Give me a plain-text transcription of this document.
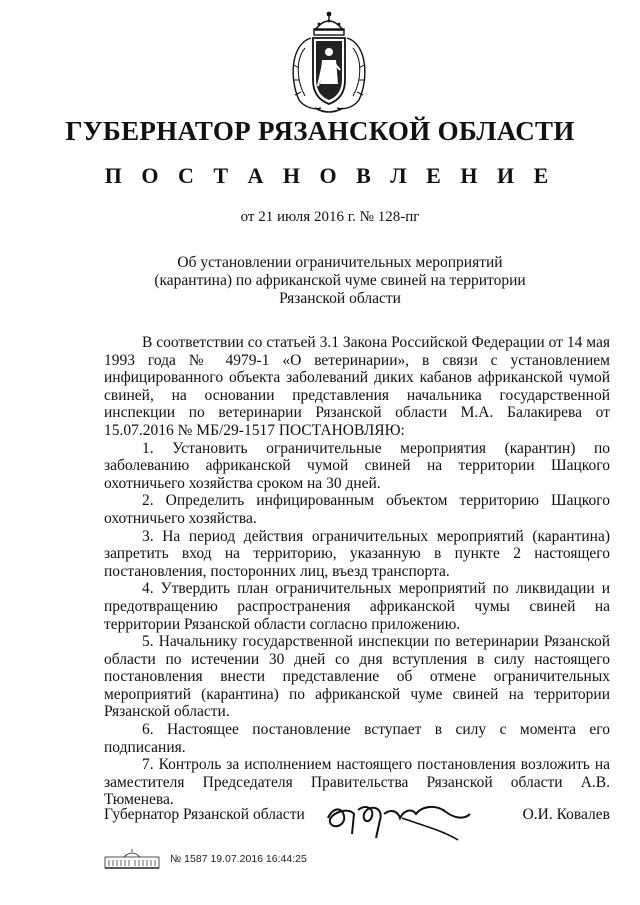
ГУБЕРНАТОР РЯЗАНСКОЙ ОБЛАСТИ
П О С Т А Н О В Л Е Н И Е
от 21 июля 2016 г. № 128-пг
Об установлении ограничительных мероприятий (карантина) по африканской чуме свиней на территории Рязанской области

В соответствии со статьей 3.1 Закона Российской Федерации от 14 мая 1993 года № 4979-1 «О ветеринарии», в связи с установлением инфицированного объекта заболеваний диких кабанов африканской чумой свиней, на основании представления начальника государственной инспекции по ветеринарии Рязанской области М.А. Балакирева от 15.07.2016 № МБ/29-1517 ПОСТАНОВЛЯЮ:

1. Установить ограничительные мероприятия (карантин) по заболеванию африканской чумой свиней на территории Шацкого охотничьего хозяйства сроком на 30 дней.

2. Определить инфицированным объектом территорию Шацкого охотничьего хозяйства.

3. На период действия ограничительных мероприятий (карантина) запретить вход на территорию, указанную в пункте 2 настоящего постановления, посторонних лиц, въезд транспорта.

4. Утвердить план ограничительных мероприятий по ликвидации и предотвращению распространения африканской чумы свиней на территории Рязанской области согласно приложению.

5. Начальнику государственной инспекции по ветеринарии Рязанской области по истечении 30 дней со дня вступления в силу настоящего постановления внести представление об отмене ограничительных мероприятий (карантина) по африканской чуме свиней на территории Рязанской области.

6. Настоящее постановление вступает в силу с момента его подписания.

7. Контроль за исполнением настоящего постановления возложить на заместителя Председателя Правительства Рязанской области А.В. Тюменева.

Губернатор Рязанской области	О.И. Ковалев
№ 1587 19.07.2016 16:44:25
